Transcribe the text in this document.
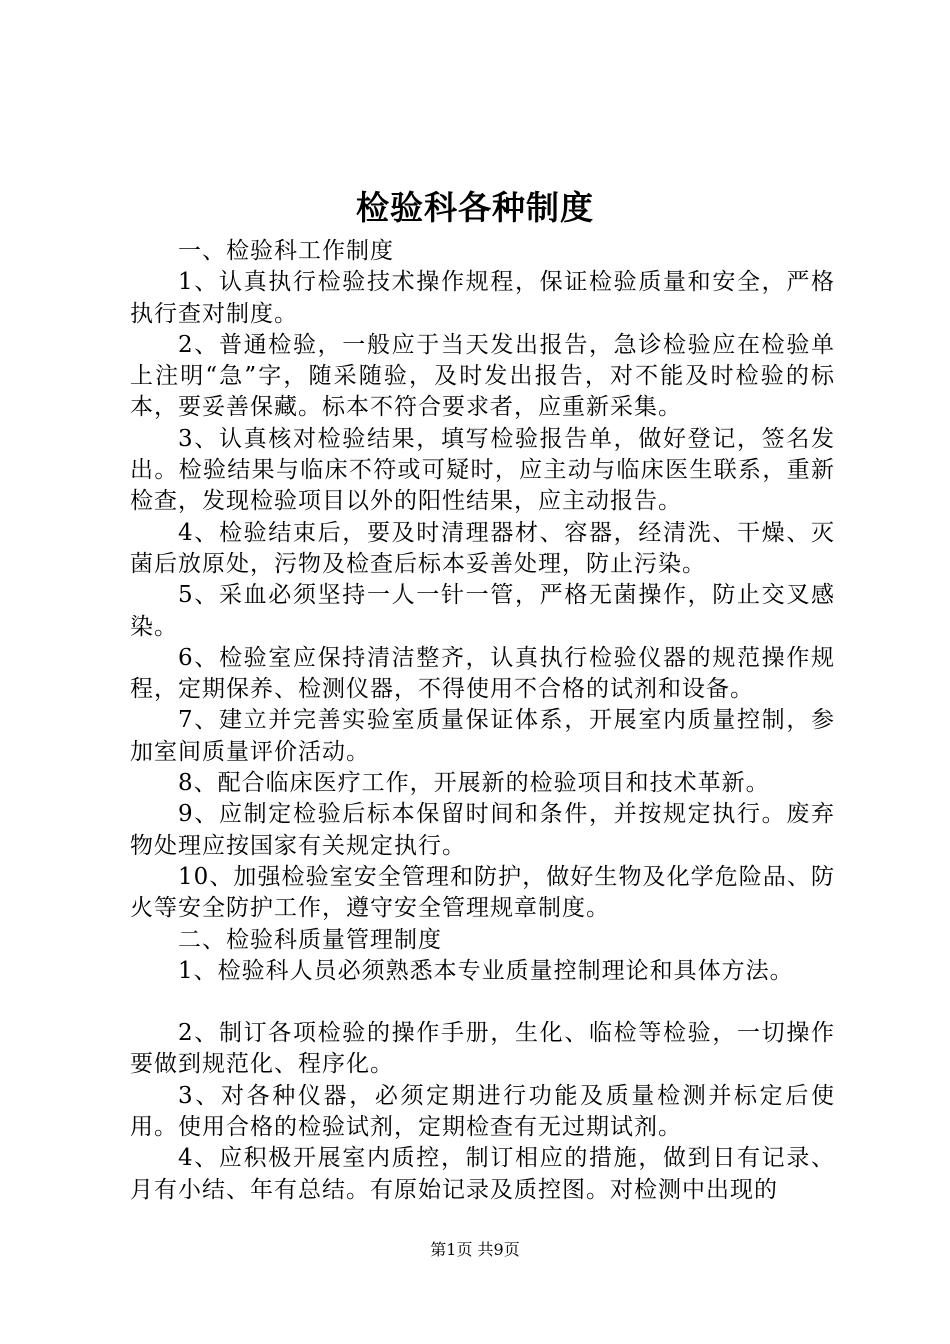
检验科各种制度

一、检验科工作制度

1、认真执行检验技术操作规程，保证检验质量和安全，严格执行查对制度。

2、普通检验，一般应于当天发出报告，急诊检验应在检验单上注明“急”字，随采随验，及时发出报告，对不能及时检验的标本，要妥善保藏。标本不符合要求者，应重新采集。

3、认真核对检验结果，填写检验报告单，做好登记，签名发出。检验结果与临床不符或可疑时，应主动与临床医生联系，重新检查，发现检验项目以外的阳性结果，应主动报告。

4、检验结束后，要及时清理器材、容器，经清洗、干燥、灭菌后放原处，污物及检查后标本妥善处理，防止污染。

5、采血必须坚持一人一针一管，严格无菌操作，防止交叉感染。

6、检验室应保持清洁整齐，认真执行检验仪器的规范操作规程，定期保养、检测仪器，不得使用不合格的试剂和设备。

7、建立并完善实验室质量保证体系，开展室内质量控制，参加室间质量评价活动。

8、配合临床医疗工作，开展新的检验项目和技术革新。

9、应制定检验后标本保留时间和条件，并按规定执行。废弃物处理应按国家有关规定执行。

10、加强检验室安全管理和防护，做好生物及化学危险品、防火等安全防护工作，遵守安全管理规章制度。

二、检验科质量管理制度

1、检验科人员必须熟悉本专业质量控制理论和具体方法。

2、制订各项检验的操作手册，生化、临检等检验，一切操作要做到规范化、程序化。

3、对各种仪器，必须定期进行功能及质量检测并标定后使用。使用合格的检验试剂，定期检查有无过期试剂。

4、应积极开展室内质控，制订相应的措施，做到日有记录、月有小结、年有总结。有原始记录及质控图。对检测中出现的

第1页 共9页
